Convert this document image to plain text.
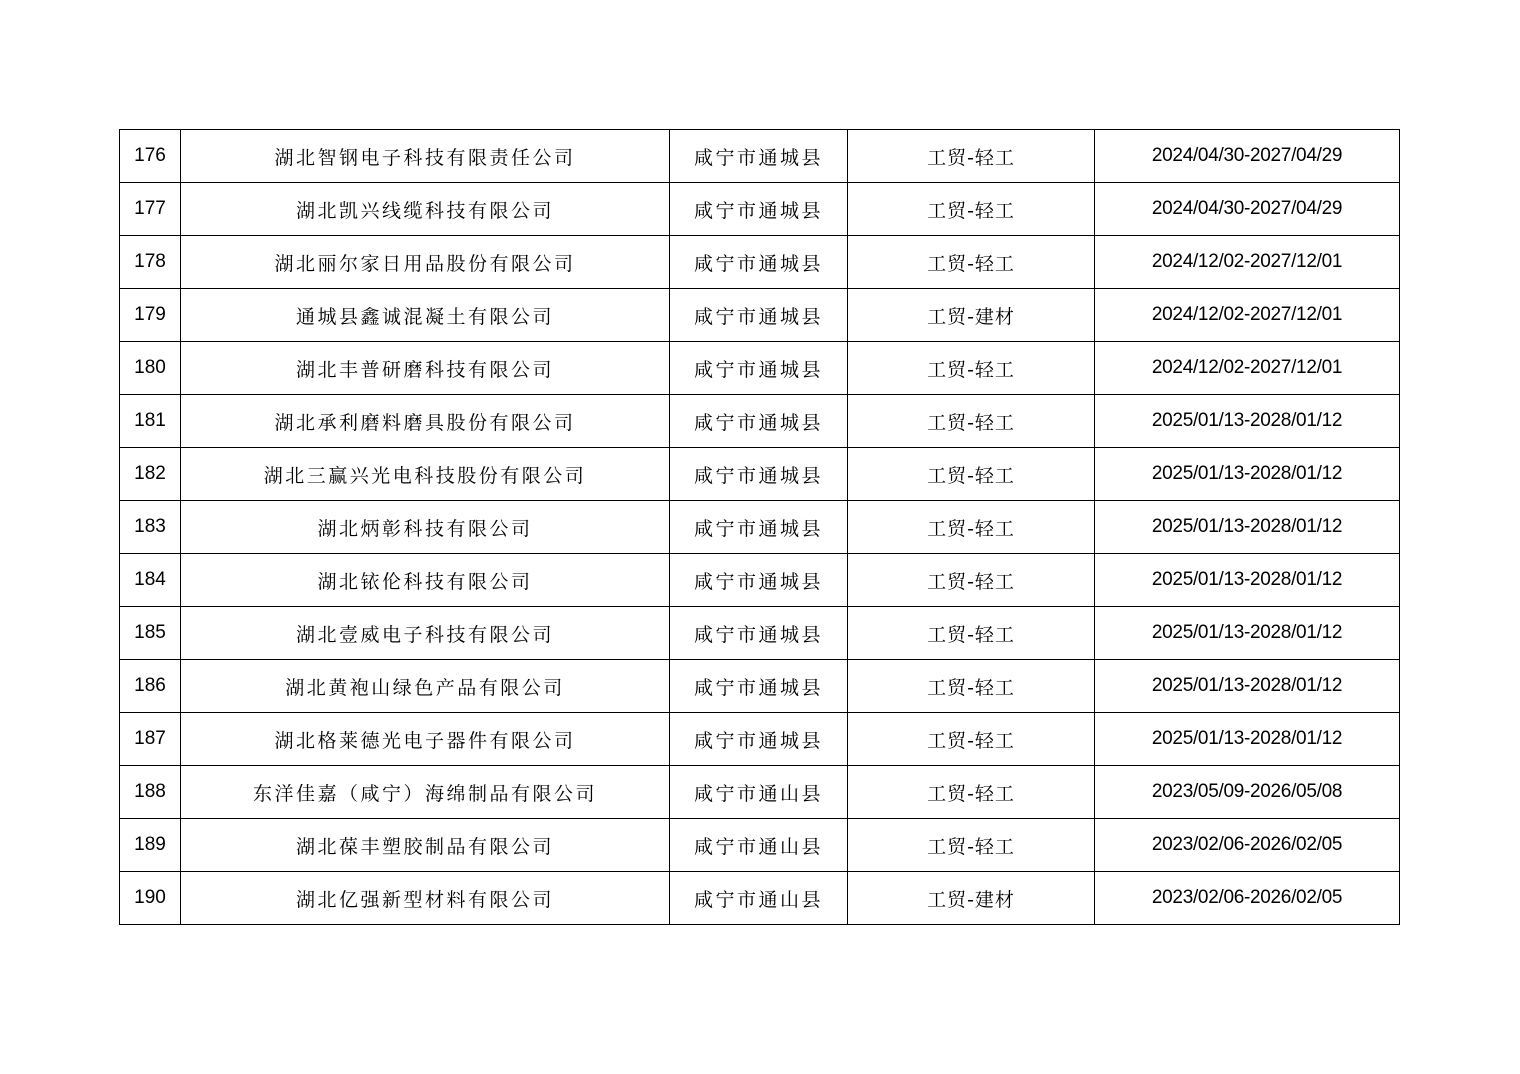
176	湖北智钢电子科技有限责任公司	咸宁市通城县	工贸-轻工	2024/04/30-2027/04/29
177	湖北凯兴线缆科技有限公司	咸宁市通城县	工贸-轻工	2024/04/30-2027/04/29
178	湖北丽尔家日用品股份有限公司	咸宁市通城县	工贸-轻工	2024/12/02-2027/12/01
179	通城县鑫诚混凝土有限公司	咸宁市通城县	工贸-建材	2024/12/02-2027/12/01
180	湖北丰普研磨科技有限公司	咸宁市通城县	工贸-轻工	2024/12/02-2027/12/01
181	湖北承利磨料磨具股份有限公司	咸宁市通城县	工贸-轻工	2025/01/13-2028/01/12
182	湖北三赢兴光电科技股份有限公司	咸宁市通城县	工贸-轻工	2025/01/13-2028/01/12
183	湖北炳彰科技有限公司	咸宁市通城县	工贸-轻工	2025/01/13-2028/01/12
184	湖北铱伦科技有限公司	咸宁市通城县	工贸-轻工	2025/01/13-2028/01/12
185	湖北壹威电子科技有限公司	咸宁市通城县	工贸-轻工	2025/01/13-2028/01/12
186	湖北黄袍山绿色产品有限公司	咸宁市通城县	工贸-轻工	2025/01/13-2028/01/12
187	湖北格莱德光电子器件有限公司	咸宁市通城县	工贸-轻工	2025/01/13-2028/01/12
188	东洋佳嘉（咸宁）海绵制品有限公司	咸宁市通山县	工贸-轻工	2023/05/09-2026/05/08
189	湖北葆丰塑胶制品有限公司	咸宁市通山县	工贸-轻工	2023/02/06-2026/02/05
190	湖北亿强新型材料有限公司	咸宁市通山县	工贸-建材	2023/02/06-2026/02/05
